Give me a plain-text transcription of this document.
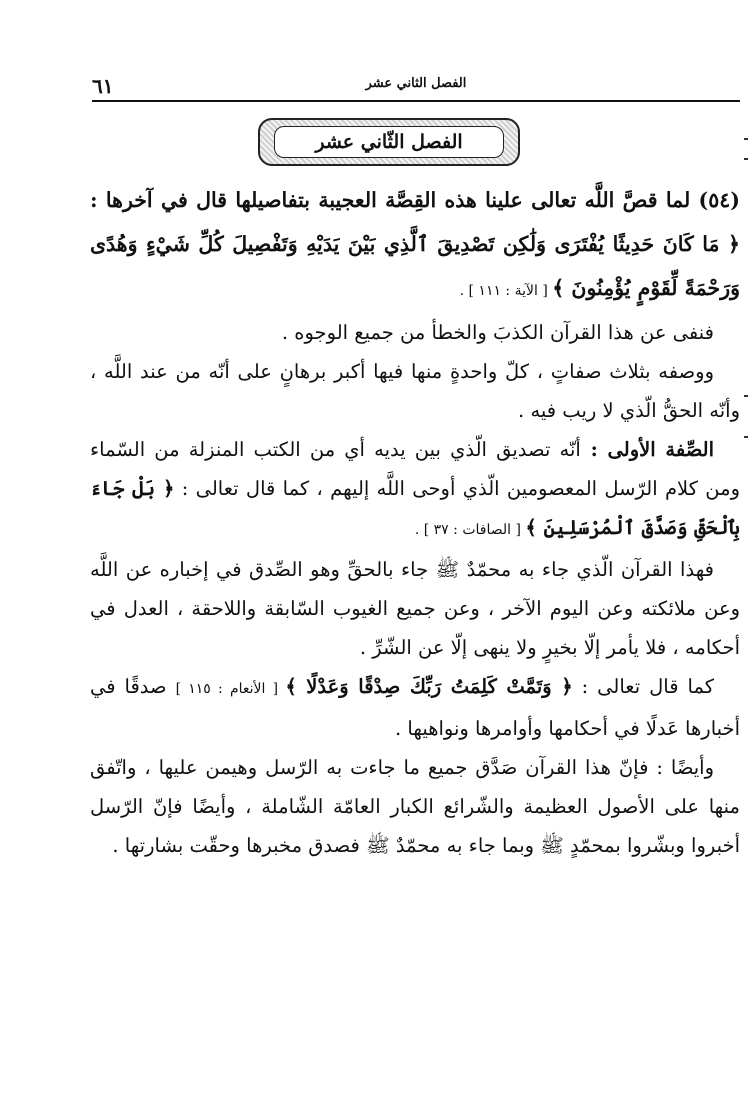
٦١	الفصل الثاني عشر
الفصل الثّاني عشر

(٥٤) لما قصَّ اللَّه تعالى علينا هذه القِصَّة العجيبة بتفاصيلها قال في آخرها : ﴿ مَا كَانَ حَدِيثًا يُفْتَرَى وَلَٰكِن تَصْدِيقَ ٱلَّذِي بَيْنَ يَدَيْهِ وَتَفْصِيلَ كُلِّ شَيْءٍ وَهُدًى وَرَحْمَةً لِّقَوْمٍ يُؤْمِنُونَ ﴾ [ الآية : ١١١ ] .

فنفى عن هذا القرآن الكذبَ والخطأ من جميع الوجوه .

ووصفه بثلاث صفاتٍ ، كلّ واحدةٍ منها فيها أكبر برهانٍ على أنّه من عند اللَّه ، وأنّه الحقُّ الّذي لا ريب فيه .

الصِّفة الأولى : أنّه تصديق الّذي بين يديه أي من الكتب المنزلة من السّماء ومن كلام الرّسل المعصومين الّذي أوحى اللَّه إليهم ، كما قال تعالى : ﴿ بَلْ جَاءَ بِٱلْحَقِّ وَصَدَّقَ ٱلْمُرْسَلِينَ ﴾ [ الصافات : ٣٧ ] .

فهذا القرآن الّذي جاء به محمّدٌ ﷺ جاء بالحقِّ وهو الصِّدق في إخباره عن اللَّه وعن ملائكته وعن اليوم الآخر ، وعن جميع الغيوب السّابقة واللاحقة ، العدل في أحكامه ، فلا يأمر إلّا بخيرٍ ولا ينهى إلّا عن الشّرِّ .

كما قال تعالى : ﴿ وَتَمَّتْ كَلِمَتُ رَبِّكَ صِدْقًا وَعَدْلًا ﴾ [ الأنعام : ١١٥ ] صدقًا في أخبارها عَدلًا في أحكامها وأوامرها ونواهيها .

وأيضًا : فإنّ هذا القرآن صَدَّق جميع ما جاءت به الرّسل وهيمن عليها ، واتّفق منها على الأصول العظيمة والشّرائع الكبار العامّة الشّاملة ، وأيضًا فإنّ الرّسل أخبروا وبشّروا بمحمّدٍ ﷺ وبما جاء به محمّدٌ ﷺ فصدق مخبرها وحقّت بشارتها .
